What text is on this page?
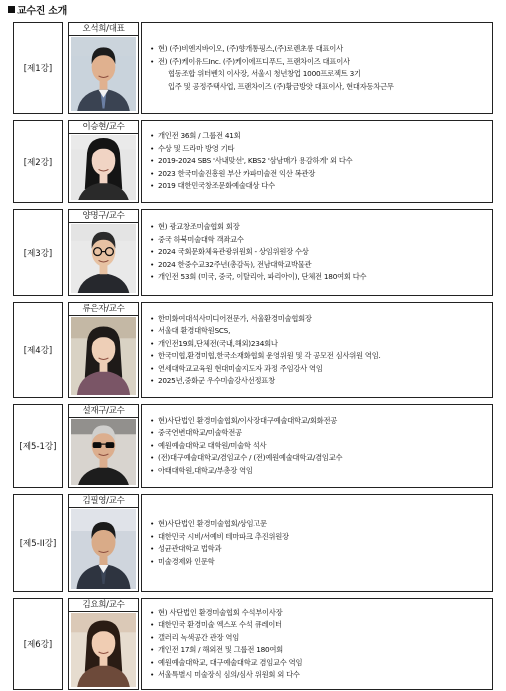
교수진 소개
[제1강]
오석희/대표
• 현) (주)비엔지바이오, (주)향개통핑스,(주)로렌초롱 대표이사
• 전) (주)케이유드Inc. (주)케이에프디푸드, 프랜차이즈 대표이사
협동조합 위터벤치 이사장, 서울시 청년창업 1000프로젝트 3기
입주 및 공정주택사업, 프랜차이즈 (주)황금방앗 대표이사, 현대자동차근무
[제2강]
이승현/교수
• 개인전 36회 / 그룹전 41회
• 수상 및 드라마 방영 기타
• 2019-2024 SBS '사내맞선', KBS2 '삼남매가 용감하게' 외 다수
• 2023 한국미술진흥원 부산 카파미술전 익산 복관장
• 2019 대한민국창조문화예술대상 다수
[제3강]
양명구/교수
• 현) 광교창조미술협회 회장
• 중국 하북미술대학 객좌교수
• 2024 국회문화체육관광위원회 - 상임위원장 수상
• 2024 한중수교32주년(총감독), 전남대학교박물관
• 개인전 53회 (미국, 중국, 이탈리아, 파리아이), 단체전 180여회 다수
[제4강]
류은자/교수
• 한미화여대석사미디어전문가, 서울환경미술협회장
• 서울대 환경대학원SCS,
• 개인전19회,단체전(국내,해외)234회나
• 한국미협,환경미협,한국소재화협회 운영위원 및 각 공모전 심사위원 역임.
• 연세대학교교육원 현대미술지도자 과정 주임강사 역임
• 2025년,중화군 우수미술강사선정표창
[제5-1강]
설재구/교수
• 현)사단법인 환경미술협회/이사장대구예술대학교/회화전공
• 중국연변대학교/미술학전공
• 예원예술대학교 대학원/미술학 석사
• (전)대구예술대학교/겸임교수 / (전)예원예술대학교/겸임교수
• 아태대학원,대학교/부총장 역임
[제5-II강]
김필영/교수
• 현)사단법인 환경미술협회/상임고문
• 대한민국 시비/서예비 테마파크 추진위원장
• 성균관대학교 법학과
• 미술경제와 인문학
[제6강]
김요희/교수
• 현) 사단법인 환경미술협회 수석부이사장
• 대한민국 환경미술 엑스포 수석 큐레이터
• 갤러리 녹색공간 관장 역임
• 개인전 17회 / 해외전 및 그룹전 180여회
• 예원예술대학교, 대구예술대학교 겸임교수 역임
• 서울특별시 미술장식 심의/심사 위원회 외 다수
